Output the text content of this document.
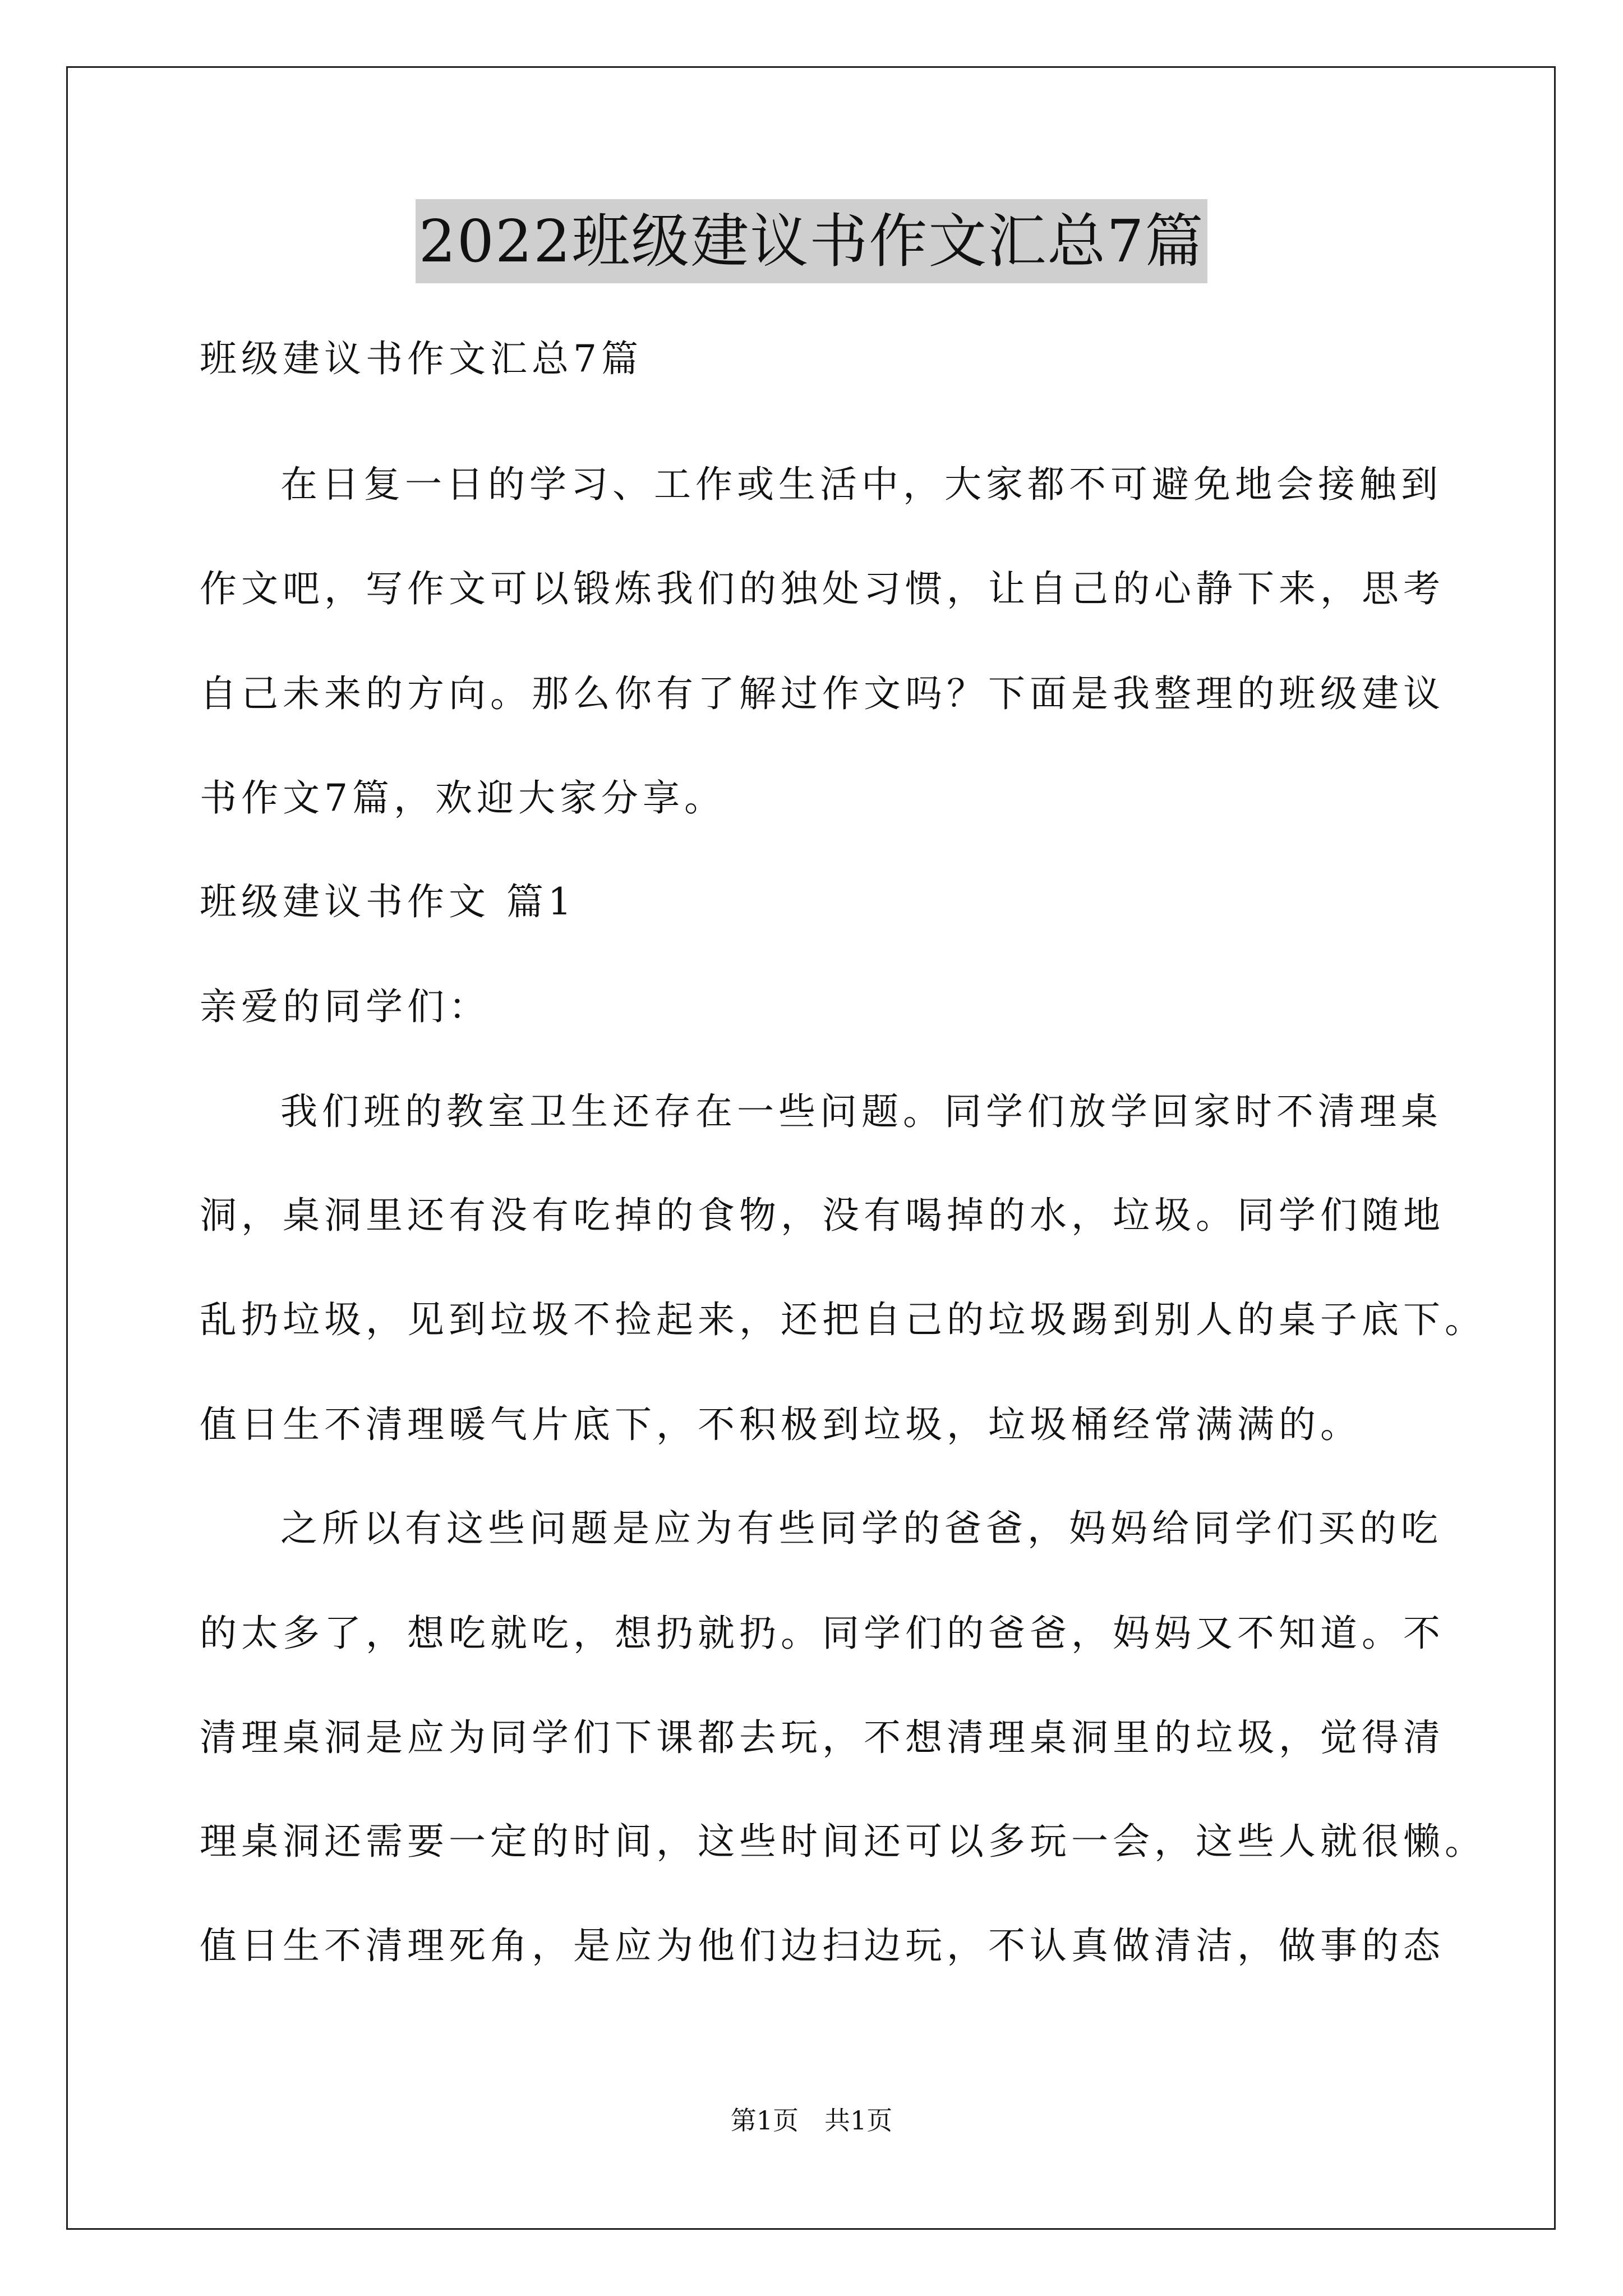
2022班级建议书作文汇总7篇

班级建议书作文汇总7篇

在日复一日的学习、工作或生活中，大家都不可避免地会接触到

作文吧，写作文可以锻炼我们的独处习惯，让自己的心静下来，思考

自己未来的方向。那么你有了解过作文吗？下面是我整理的班级建议

书作文7篇，欢迎大家分享。

班级建议书作文 篇1

亲爱的同学们：

我们班的教室卫生还存在一些问题。同学们放学回家时不清理桌

洞，桌洞里还有没有吃掉的食物，没有喝掉的水，垃圾。同学们随地

乱扔垃圾，见到垃圾不捡起来，还把自己的垃圾踢到别人的桌子底下。

值日生不清理暖气片底下，不积极到垃圾，垃圾桶经常满满的。

之所以有这些问题是应为有些同学的爸爸，妈妈给同学们买的吃

的太多了，想吃就吃，想扔就扔。同学们的爸爸，妈妈又不知道。不

清理桌洞是应为同学们下课都去玩，不想清理桌洞里的垃圾，觉得清

理桌洞还需要一定的时间，这些时间还可以多玩一会，这些人就很懒。

值日生不清理死角，是应为他们边扫边玩，不认真做清洁，做事的态

第1页　共1页
